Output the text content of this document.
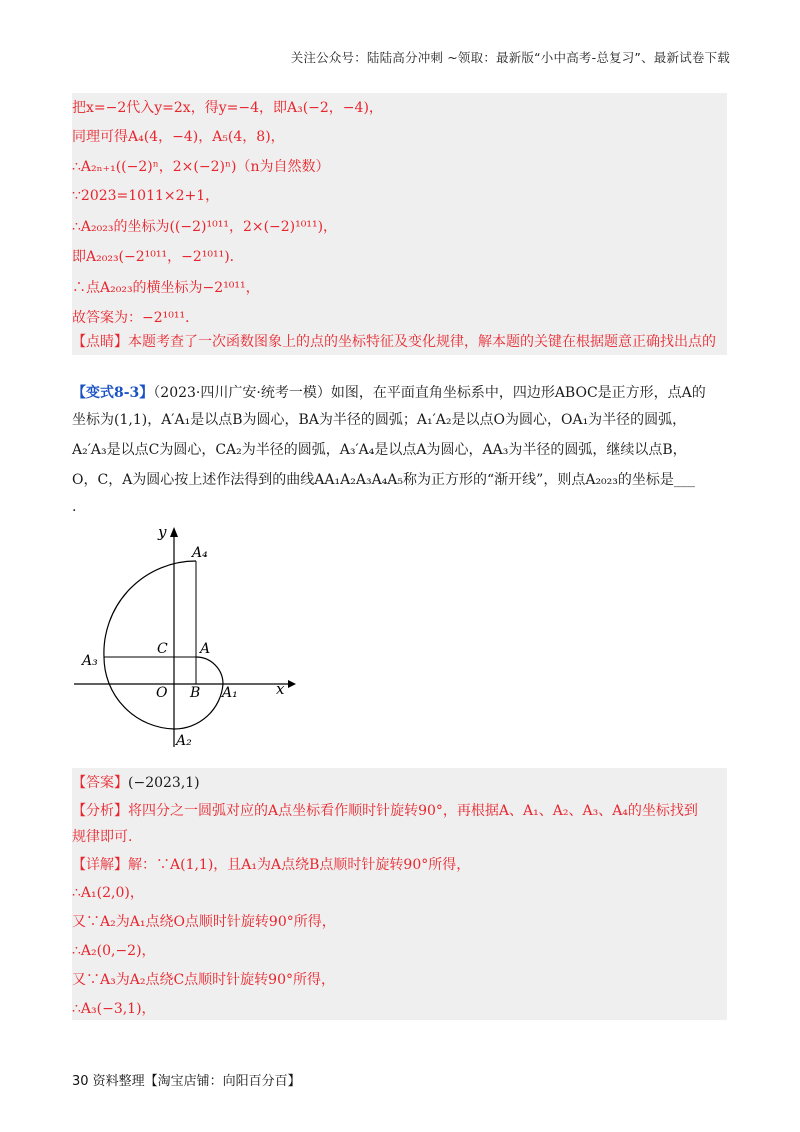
关注公众号：陆陆高分冲刺 ~领取：最新版“小中高考-总复习”、最新试卷下载
把x=−2代入y=2x，得y=−4，即A₃(−2，−4)，
同理可得A₄(4，−4)，A₅(4，8)，
∴A₂ₙ₊₁((−2)ⁿ，2×(−2)ⁿ)（n为自然数）
∵2023=1011×2+1，
∴A₂₀₂₃的坐标为((−2)¹⁰¹¹，2×(−2)¹⁰¹¹)，
即A₂₀₂₃(−2¹⁰¹¹，−2¹⁰¹¹)．
∴点A₂₀₂₃的横坐标为−2¹⁰¹¹，
故答案为：−2¹⁰¹¹．
【点睛】本题考查了一次函数图象上的点的坐标特征及变化规律，解本题的关键在根据题意正确找出点的
【变式8-3】（2023·四川广安·统考一模）如图，在平面直角坐标系中，四边形ABOC是正方形，点A的
坐标为(1,1)，A′A₁是以点B为圆心，BA为半径的圆弧；A₁′A₂是以点O为圆心，OA₁为半径的圆弧，
A₂′A₃是以点C为圆心，CA₂为半径的圆弧，A₃′A₄是以点A为圆心，AA₃为半径的圆弧，继续以点B，
O，C，A为圆心按上述作法得到的曲线AA₁A₂A₃A₄A₅称为正方形的“渐开线”，则点A₂₀₂₃的坐标是___
.
y
x
A₄
C A
A₃
O B A₁
A₂
【答案】(−2023,1)
【分析】将四分之一圆弧对应的A点坐标看作顺时针旋转90°，再根据A、A₁、A₂、A₃、A₄的坐标找到
规律即可.
【详解】解：∵A(1,1)，且A₁为A点绕B点顺时针旋转90°所得，
∴A₁(2,0)，
又∵A₂为A₁点绕O点顺时针旋转90°所得，
∴A₂(0,−2)，
又∵A₃为A₂点绕C点顺时针旋转90°所得，
∴A₃(−3,1)，
30 资料整理【淘宝店铺：向阳百分百】
